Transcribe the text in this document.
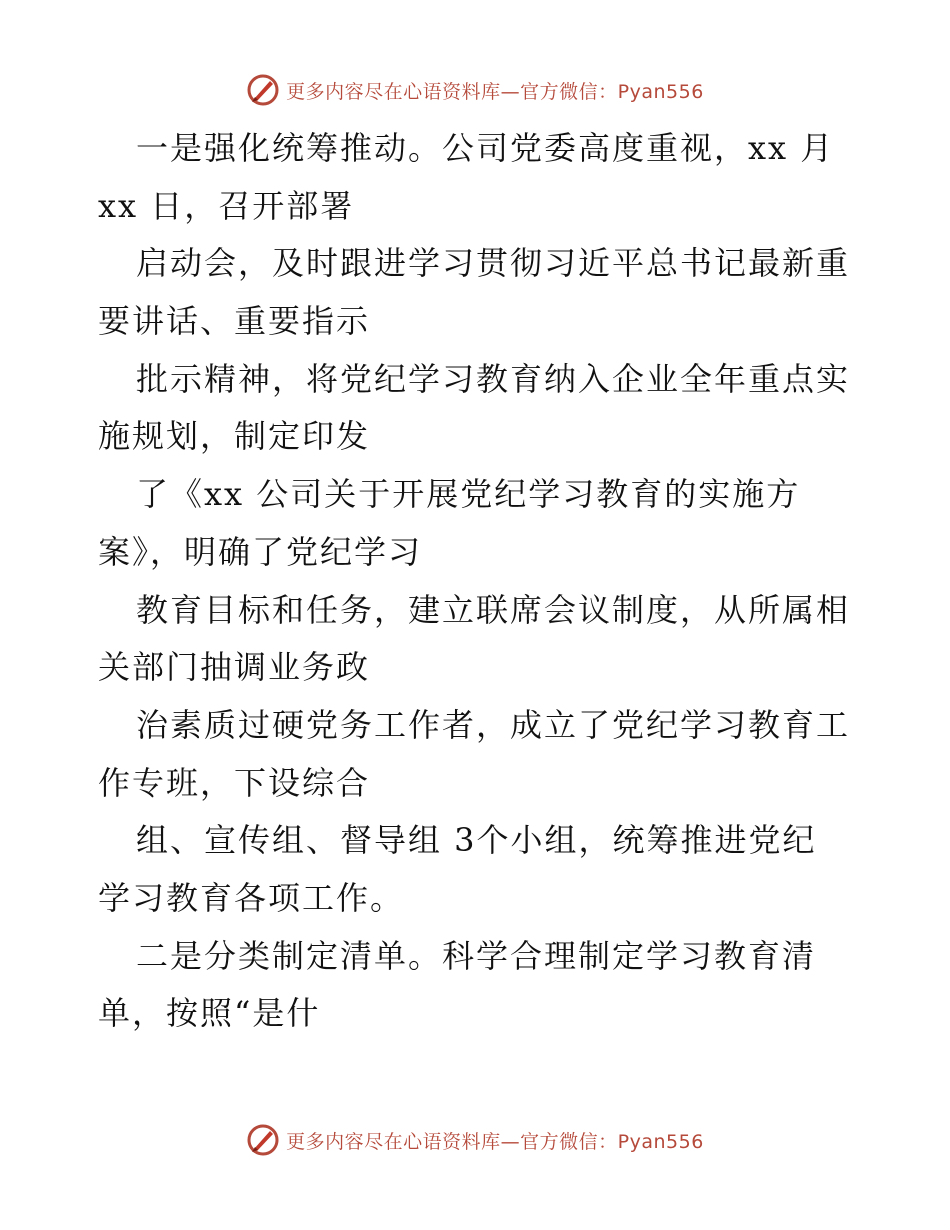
更多内容尽在心语资料库—官方微信：Pyan556
一是强化统筹推动。公司党委高度重视，xx 月
xx 日，召开部署
启动会，及时跟进学习贯彻习近平总书记最新重
要讲话、重要指示
批示精神，将党纪学习教育纳入企业全年重点实
施规划，制定印发
了《xx 公司关于开展党纪学习教育的实施方
案》，明确了党纪学习
教育目标和任务，建立联席会议制度，从所属相
关部门抽调业务政
治素质过硬党务工作者，成立了党纪学习教育工
作专班，下设综合
组、宣传组、督导组 3个小组，统筹推进党纪
学习教育各项工作。
二是分类制定清单。科学合理制定学习教育清
单，按照“是什
更多内容尽在心语资料库—官方微信：Pyan556
